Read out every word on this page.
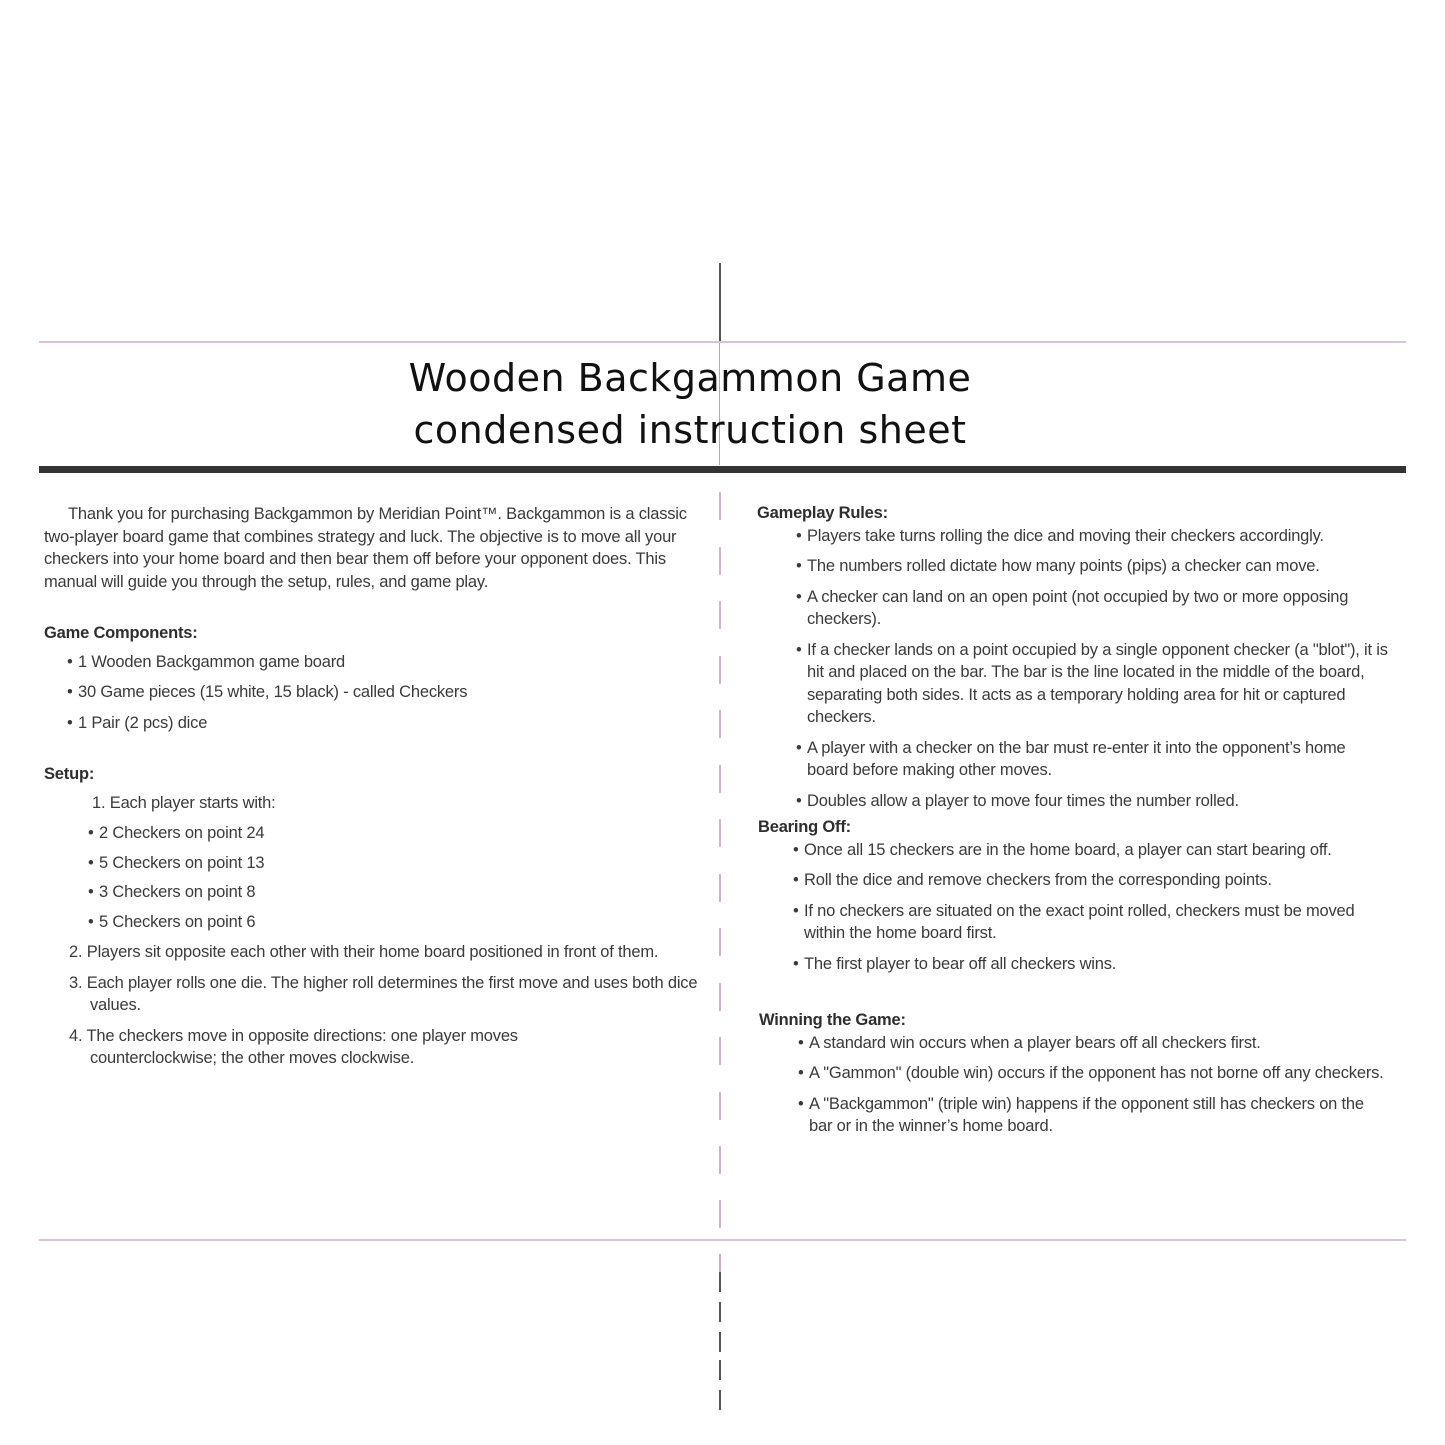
Wooden Backgammon Game
condensed instruction sheet

Thank you for purchasing Backgammon by Meridian Point™. Backgammon is a classic two-player board game that combines strategy and luck. The objective is to move all your checkers into your home board and then bear them off before your opponent does. This manual will guide you through the setup, rules, and game play.

Game Components:

• 1 Wooden Backgammon game board

• 30 Game pieces (15 white, 15 black) - called Checkers

• 1 Pair (2 pcs) dice

Setup:

1. Each player starts with:

• 2 Checkers on point 24

• 5 Checkers on point 13

• 3 Checkers on point 8

• 5 Checkers on point 6

2. Players sit opposite each other with their home board positioned in front of them.
3. Each player rolls one die. The higher roll determines the first move and uses both dice values.
4. The checkers move in opposite directions: one player moves counterclockwise; the other moves clockwise.

Gameplay Rules:

• Players take turns rolling the dice and moving their checkers accordingly.

• The numbers rolled dictate how many points (pips) a checker can move.

• A checker can land on an open point (not occupied by two or more opposing checkers).

• If a checker lands on a point occupied by a single opponent checker (a "blot"), it is hit and placed on the bar. The bar is the line located in the middle of the board, separating both sides. It acts as a temporary holding area for hit or captured checkers.

• A player with a checker on the bar must re-enter it into the opponent’s home board before making other moves.

• Doubles allow a player to move four times the number rolled.

Bearing Off:

• Once all 15 checkers are in the home board, a player can start bearing off.

• Roll the dice and remove checkers from the corresponding points.

• If no checkers are situated on the exact point rolled, checkers must be moved within the home board first.

• The first player to bear off all checkers wins.

Winning the Game:

• A standard win occurs when a player bears off all checkers first.

• A "Gammon" (double win) occurs if the opponent has not borne off any checkers.

• A "Backgammon" (triple win) happens if the opponent still has checkers on the bar or in the winner’s home board.
